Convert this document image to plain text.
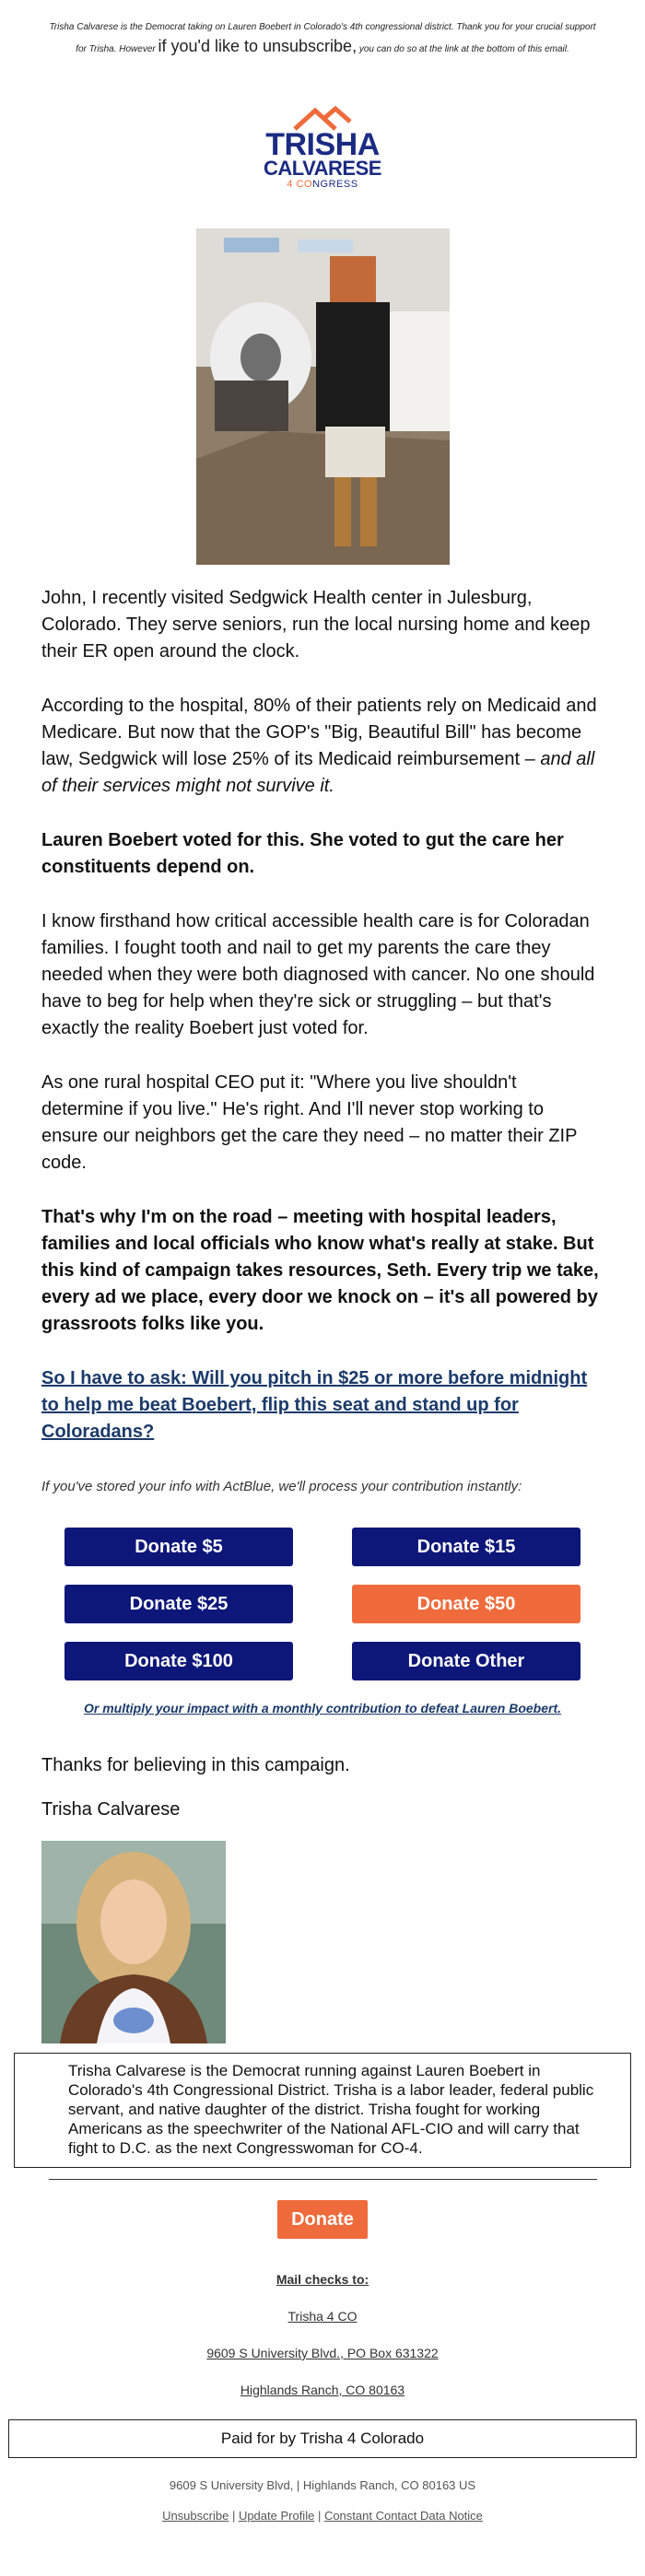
Trisha Calvarese is the Democrat taking on Lauren Boebert in Colorado's 4th congressional district. Thank you for your crucial support
for Trisha. However if you'd like to unsubscribe, you can do so at the link at the bottom of this email.
TRISHA
CALVARESE
4 CONGRESS

John, I recently visited Sedgwick Health center in Julesburg, Colorado. They serve seniors, run the local nursing home and keep their ER open around the clock.

According to the hospital, 80% of their patients rely on Medicaid and Medicare. But now that the GOP's "Big, Beautiful Bill" has become law, Sedgwick will lose 25% of its Medicaid reimbursement – and all of their services might not survive it.

Lauren Boebert voted for this. She voted to gut the care her constituents depend on.

I know firsthand how critical accessible health care is for Coloradan families. I fought tooth and nail to get my parents the care they needed when they were both diagnosed with cancer. No one should have to beg for help when they're sick or struggling – but that's exactly the reality Boebert just voted for.

As one rural hospital CEO put it: "Where you live shouldn't determine if you live." He's right. And I'll never stop working to ensure our neighbors get the care they need – no matter their ZIP code.

That's why I'm on the road – meeting with hospital leaders, families and local officials who know what's really at stake. But this kind of campaign takes resources, Seth. Every trip we take, every ad we place, every door we knock on – it's all powered by grassroots folks like you.

So I have to ask: Will you pitch in $25 or more before midnight to help me beat Boebert, flip this seat and stand up for Coloradans?

If you've stored your info with ActBlue, we'll process your contribution instantly:

Donate $5	Donate $15
Donate $25	Donate $50
Donate $100	Donate Other
Or multiply your impact with a monthly contribution to defeat Lauren Boebert.

Thanks for believing in this campaign.

Trisha Calvarese

Trisha Calvarese is the Democrat running against Lauren Boebert in Colorado's 4th Congressional District. Trisha is a labor leader, federal public servant, and native daughter of the district. Trisha fought for working Americans as the speechwriter of the National AFL-CIO and will carry that fight to D.C. as the next Congresswoman for CO-4.
Donate
Mail checks to:
Trisha 4 CO
9609 S University Blvd., PO Box 631322
Highlands Ranch, CO 80163
Paid for by Trisha 4 Colorado
9609 S University Blvd, | Highlands Ranch, CO 80163 US
Unsubscribe | Update Profile | Constant Contact Data Notice
